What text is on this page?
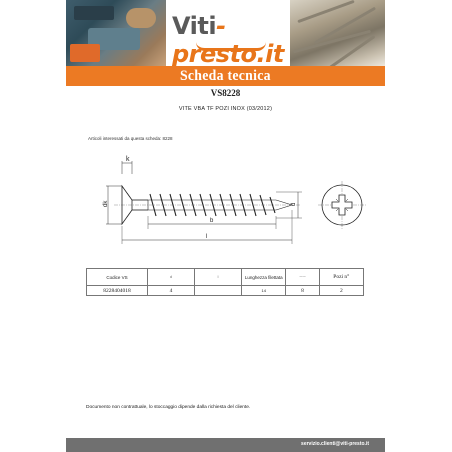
Viti-presto.it
Scheda tecnica
VS8228
VITE VBA TF POZI INOX (03/2012)
Articoli interessati da questa scheda: 8228
k
dk	d
b
l
Codice VS	d	l	Lunghezza filettata	─·─	Pozi n°
8228404018	4		14	8	2
Documento non contrattuale, lo stoccaggio dipende dalla richiesta del cliente.
servizio.clienti@viti-presto.it
